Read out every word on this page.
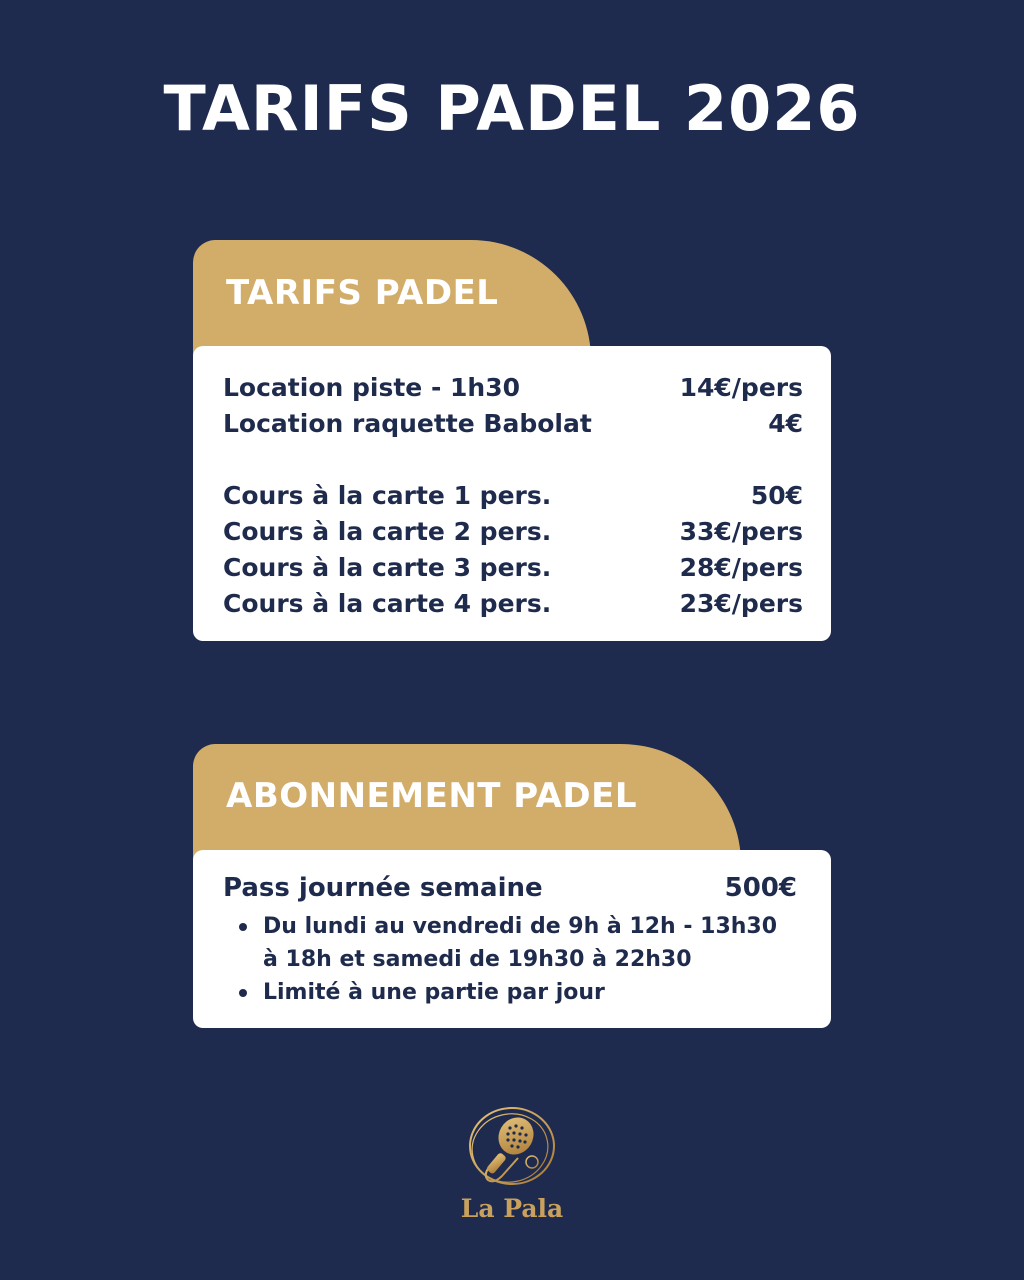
TARIFS PADEL 2026
TARIFS PADEL
Location piste - 1h30	14€/pers
Location raquette Babolat	4€
Cours à la carte 1 pers.	50€
Cours à la carte 2 pers.	33€/pers
Cours à la carte 3 pers.	28€/pers
Cours à la carte 4 pers.	23€/pers
ABONNEMENT PADEL
Pass journée semaine	500€
Du lundi au vendredi de 9h à 12h - 13h30 à 18h et samedi de 19h30 à 22h30
Limité à une partie par jour
La Pala
